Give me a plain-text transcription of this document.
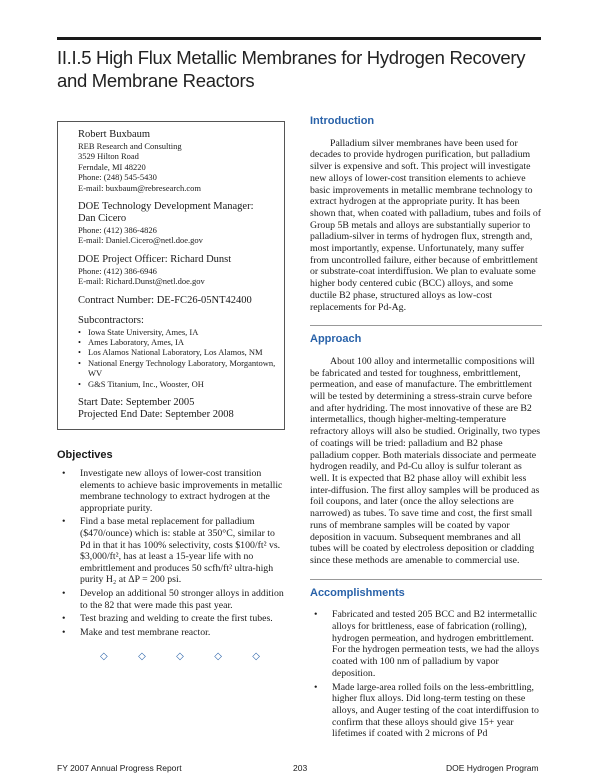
II.I.5 High Flux Metallic Membranes for Hydrogen Recovery and Membrane Reactors
Robert Buxbaum
REB Research and Consulting
3529 Hilton Road
Ferndale, MI 48220
Phone: (248) 545-5430
E-mail: buxbaum@rebresearch.com
DOE Technology Development Manager:
Dan Cicero
Phone: (412) 386-4826
E-mail: Daniel.Cicero@netl.doe.gov
DOE Project Officer: Richard Dunst
Phone: (412) 386-6946
E-mail: Richard.Dunst@netl.doe.gov
Contract Number: DE-FC26-05NT42400
Subcontractors:
• Iowa State University, Ames, IA
• Ames Laboratory, Ames, IA
• Los Alamos National Laboratory, Los Alamos, NM
• National Energy Technology Laboratory, Morgantown, WV
• G&S Titanium, Inc., Wooster, OH
Start Date: September 2005
Projected End Date: September 2008
Objectives
• Investigate new alloys of lower-cost transition elements to achieve basic improvements in metallic membrane technology to extract hydrogen at the appropriate purity.
• Find a base metal replacement for palladium ($470/ounce) which is: stable at 350°C, similar to Pd in that it has 100% selectivity, costs $100/ft² vs. $3,000/ft², has at least a 15-year life with no embrittlement and produces 50 scfh/ft² ultra-high purity H₂ at ΔP = 200 psi.
• Develop an additional 50 stronger alloys in addition to the 82 that were made this past year.
• Test brazing and welding to create the first tubes.
• Make and test membrane reactor.
◇	◇	◇	◇	◇
Introduction

Palladium silver membranes have been used for decades to provide hydrogen purification, but palladium silver is expensive and soft. This project will investigate new alloys of lower-cost transition elements to achieve basic improvements in metallic membrane technology to extract hydrogen at the appropriate purity. It has been shown that, when coated with palladium, tubes and foils of Group 5B metals and alloys are substantially superior to palladium-silver in terms of hydrogen flux, strength and, most importantly, expense. Unfortunately, many suffer from uncontrolled failure, either because of embrittlement or substrate-coat interdiffusion. We plan to evaluate some higher body centered cubic (BCC) alloys, and some ductile B2 phase, structured alloys as low-cost replacements for Pd-Ag.

Approach

About 100 alloy and intermetallic compositions will be fabricated and tested for toughness, embrittlement, permeation, and ease of manufacture. The embrittlement will be tested by determining a stress-strain curve before and after hydriding. The most innovative of these are B2 intermetallics, though higher-melting-temperature refractory alloys will also be studied. Originally, two types of coatings will be tried: palladium and B2 phase palladium copper. Both materials dissociate and permeate hydrogen readily, and Pd-Cu alloy is sulfur tolerant as well. It is expected that B2 phase alloy will exhibit less inter-diffusion. The first alloy samples will be produced as foil coupons, and later (once the alloy selections are narrowed) as tubes. To save time and cost, the first small runs of membrane samples will be coated by vapor deposition in vacuum. Subsequent membranes and all tubes will be coated by electroless deposition or cladding since these methods are amenable to commercial use.

Accomplishments
• Fabricated and tested 205 BCC and B2 intermetallic alloys for brittleness, ease of fabrication (rolling), hydrogen permeation, and hydrogen embrittlement. For the hydrogen permeation tests, we had the alloys coated with 100 nm of palladium by vapor deposition.
• Made large-area rolled foils on the less-embrittling, higher flux alloys. Did long-term testing on these alloys, and Auger testing of the coat interdiffusion to confirm that these alloys should give 15+ year lifetimes if coated with 2 microns of Pd
FY 2007 Annual Progress Report	203	DOE Hydrogen Program
